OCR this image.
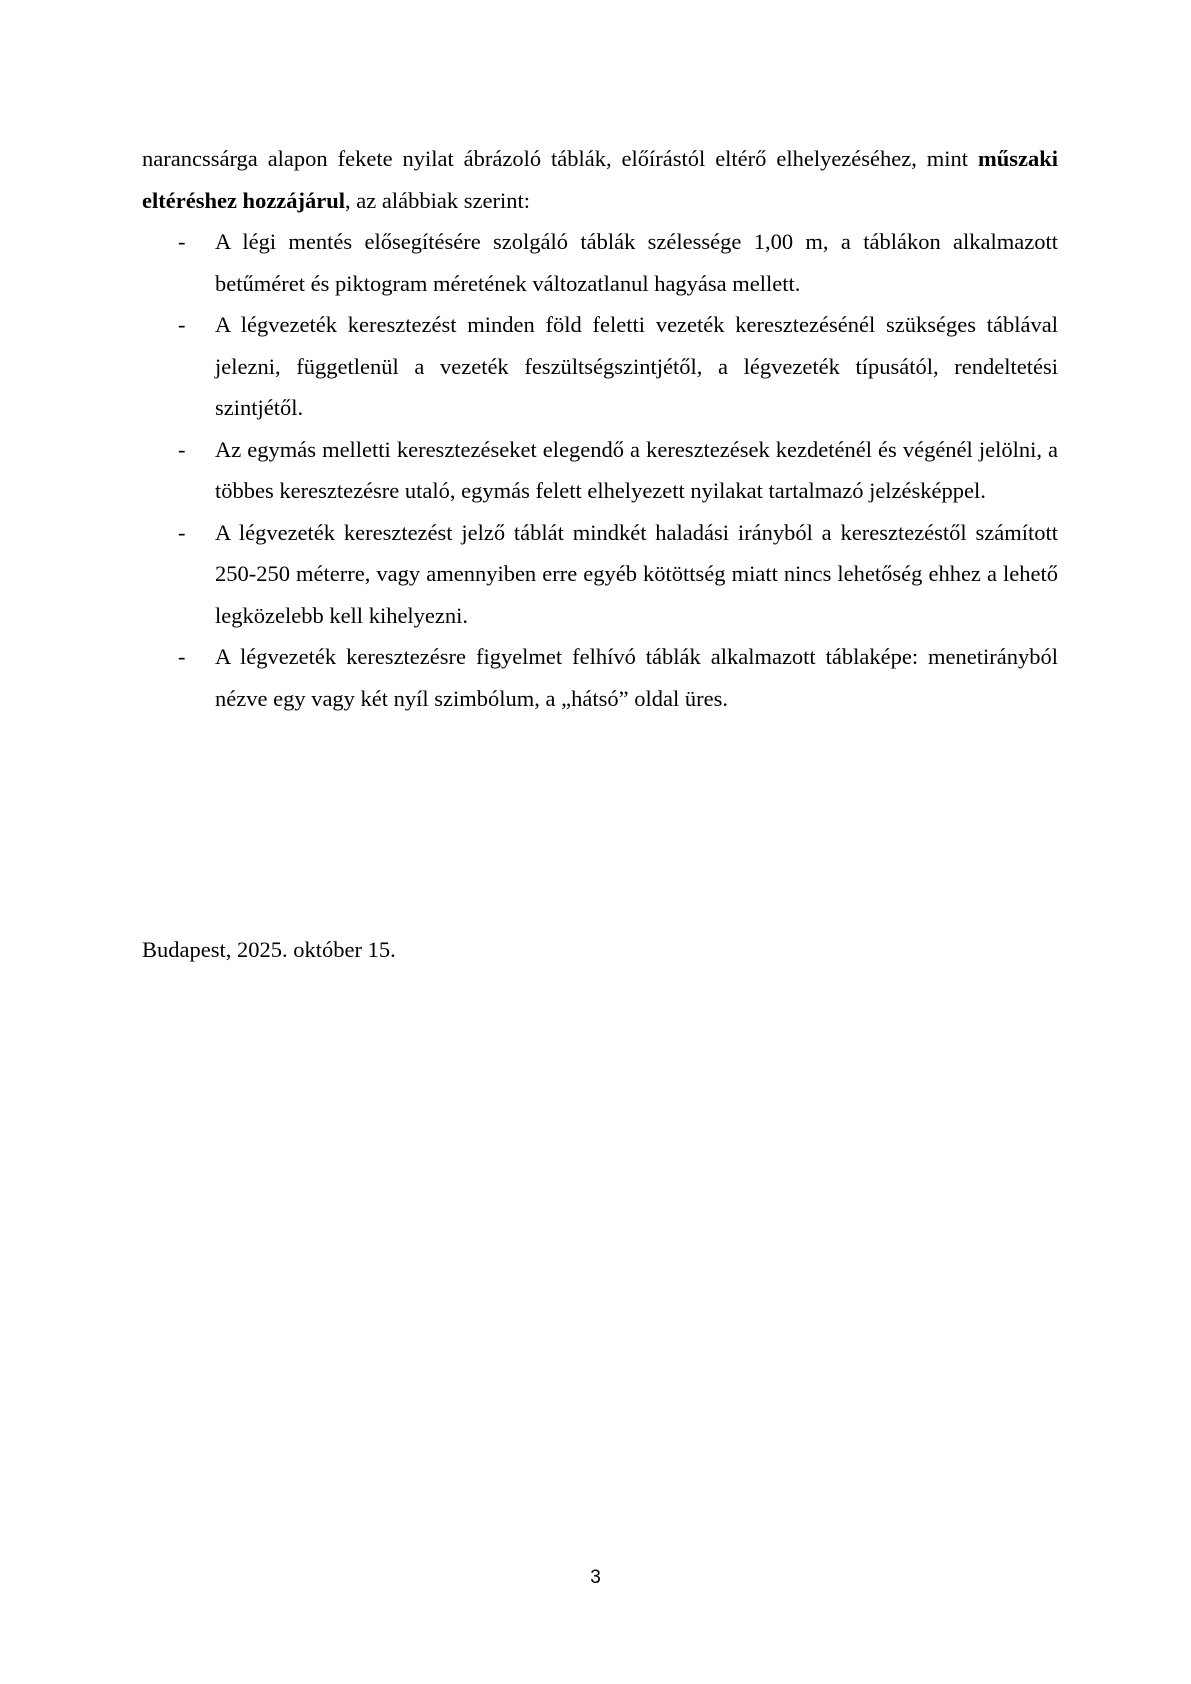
narancssárga alapon fekete nyilat ábrázoló táblák, előírástól eltérő elhelyezéséhez, mint műszaki eltéréshez hozzájárul, az alábbiak szerint:

- A légi mentés elősegítésére szolgáló táblák szélessége 1,00 m, a táblákon alkalmazott betűméret és piktogram méretének változatlanul hagyása mellett.
- A légvezeték keresztezést minden föld feletti vezeték keresztezésénél szükséges táblával jelezni, függetlenül a vezeték feszültségszintjétől, a légvezeték típusától, rendeltetési szintjétől.
- Az egymás melletti keresztezéseket elegendő a keresztezések kezdeténél és végénél jelölni, a többes keresztezésre utaló, egymás felett elhelyezett nyilakat tartalmazó jelzésképpel.
- A légvezeték keresztezést jelző táblát mindkét haladási irányból a keresztezéstől számított 250-250 méterre, vagy amennyiben erre egyéb kötöttség miatt nincs lehetőség ehhez a lehető legközelebb kell kihelyezni.
- A légvezeték keresztezésre figyelmet felhívó táblák alkalmazott táblaképe: menetirányból nézve egy vagy két nyíl szimbólum, a „hátsó” oldal üres.
Budapest, 2025. október 15.
3
